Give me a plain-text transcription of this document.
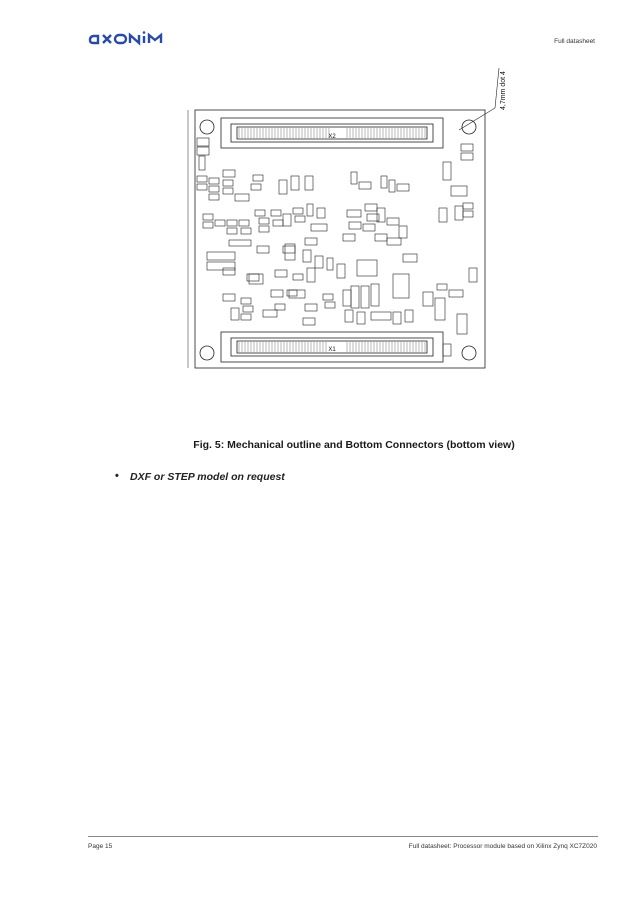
Full datasheet
X2
X1
4,7mm dot 4
Fig. 5: Mechanical outline and Bottom Connectors (bottom view)
• DXF or STEP model on request
Page 15	Full datasheet: Processor module based on Xilinx Zynq XC7Z020
